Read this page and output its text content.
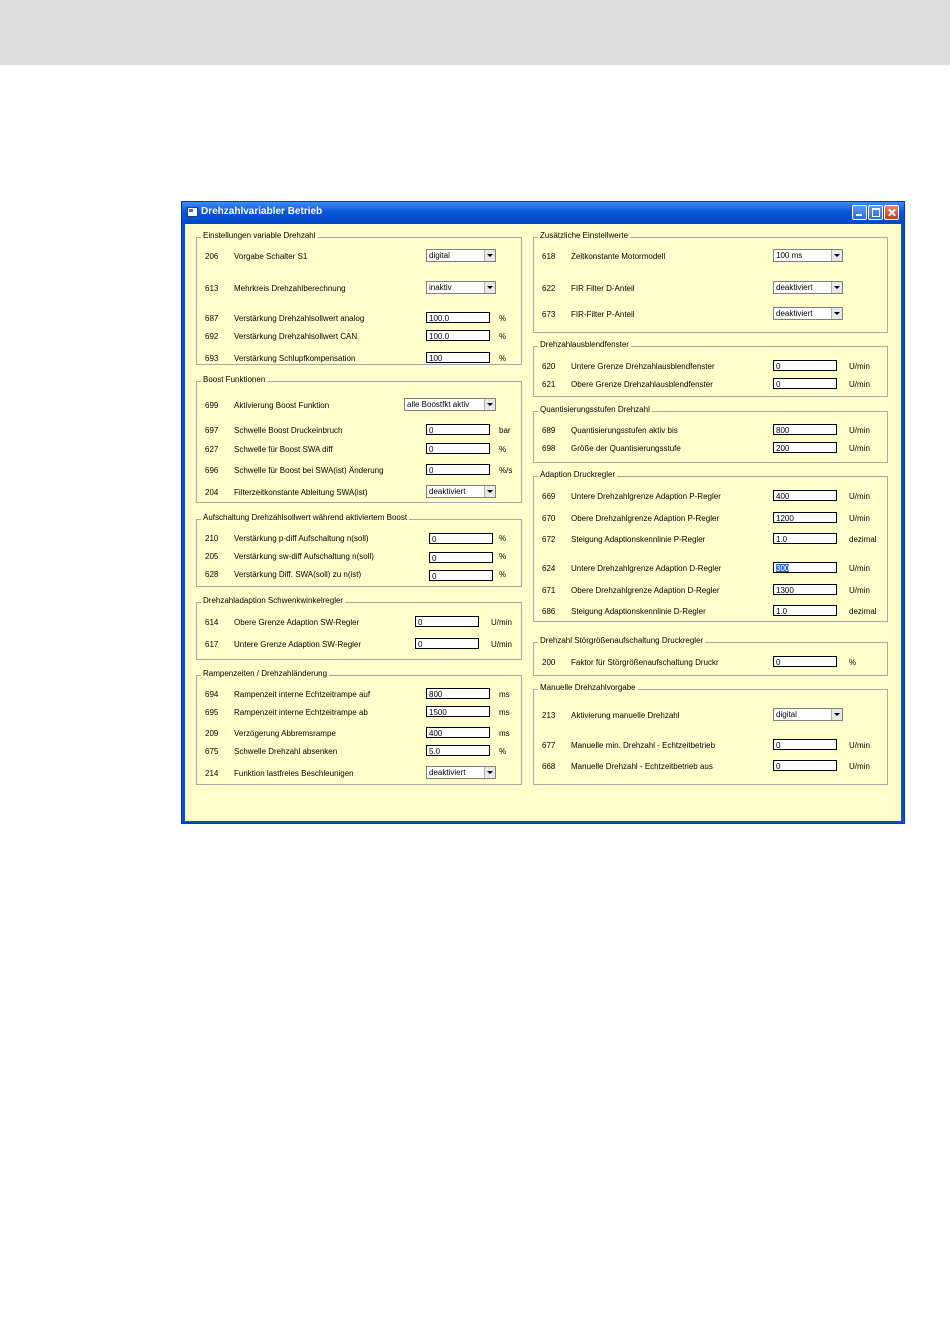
Drehzahlvariabler Betrieb
Einstellungen variable Drehzahl
206 Vorgabe Schalter S1	digital
613 Mehrkreis Drehzahlberechnung	inaktiv
687 Verstärkung Drehzahlsollwert analog	100.0	%
692 Verstärkung Drehzahlsollwert CAN	100.0	%
693 Verstärkung Schlupfkompensation	100	%
Boost Funktionen
699 Aktivierung Boost Funktion	alle Boostfkt aktiv
697 Schwelle Boost Druckeinbruch	0	bar
627 Schwelle für Boost SWA diff	0	%
696 Schwelle für Boost bei SWA(ist) Änderung	0	%/s
204 Filterzeitkonstante Ableitung SWA(ist)	deaktiviert
Aufschaltung Drehzahlsollwert während aktiviertem Boost
210 Verstärkung p-diff Aufschaltung n(soll)	0	%
205 Verstärkung sw-diff Aufschaltung n(soll)	0	%
628 Verstärkung Diff. SWA(soll) zu n(ist)	0	%
Drehzahladaption Schwenkwinkelregler
614 Obere Grenze Adaption SW-Regler	0	U/min
617 Untere Grenze Adaption SW-Regler	0	U/min
Rampenzeiten / Drehzahländerung
694 Rampenzeit interne Echtzeitrampe auf	800	ms
695 Rampenzeit interne Echtzeitrampe ab	1500	ms
209 Verzögerung Abbremsrampe	400	ms
675 Schwelle Drehzahl absenken	5.0	%
214 Funktion lastfreies Beschleunigen	deaktiviert
Zusätzliche Einstellwerte
618 Zeitkonstante Motormodell	100 ms
622 FIR Filter D-Anteil	deaktiviert
673 FIR-Filter P-Anteil	deaktiviert
Drehzahlausblendfenster
620 Untere Grenze Drehzahlausblendfenster	0	U/min
621 Obere Grenze Drehzahlausblendfenster	0	U/min
Quantisierungsstufen Drehzahl
689 Quantisierungsstufen aktiv bis	800	U/min
698 Größe der Quantisierungsstufe	200	U/min
Adaption Druckregler
669 Untere Drehzahlgrenze Adaption P-Regler	400	U/min
670 Obere Drehzahlgrenze Adaption P-Regler	1200	U/min
672 Steigung Adaptionskennlinie P-Regler	1.0	dezimal
624 Untere Drehzahlgrenze Adaption D-Regler	300	U/min
671 Obere Drehzahlgrenze Adaption D-Regler	1300	U/min
686 Steigung Adaptionskennlinie D-Regler	1.0	dezimal
Drehzahl Störgrößenaufschaltung Druckregler
200 Faktor für Störgrößenaufschaltung Druckr	0	%
Manuelle Drehzahlvorgabe
213 Aktivierung manuelle Drehzahl	digital
677 Manuelle min. Drehzahl - Echtzeitbetrieb	0	U/min
668 Manuelle Drehzahl - Echtzeitbetrieb aus	0	U/min
